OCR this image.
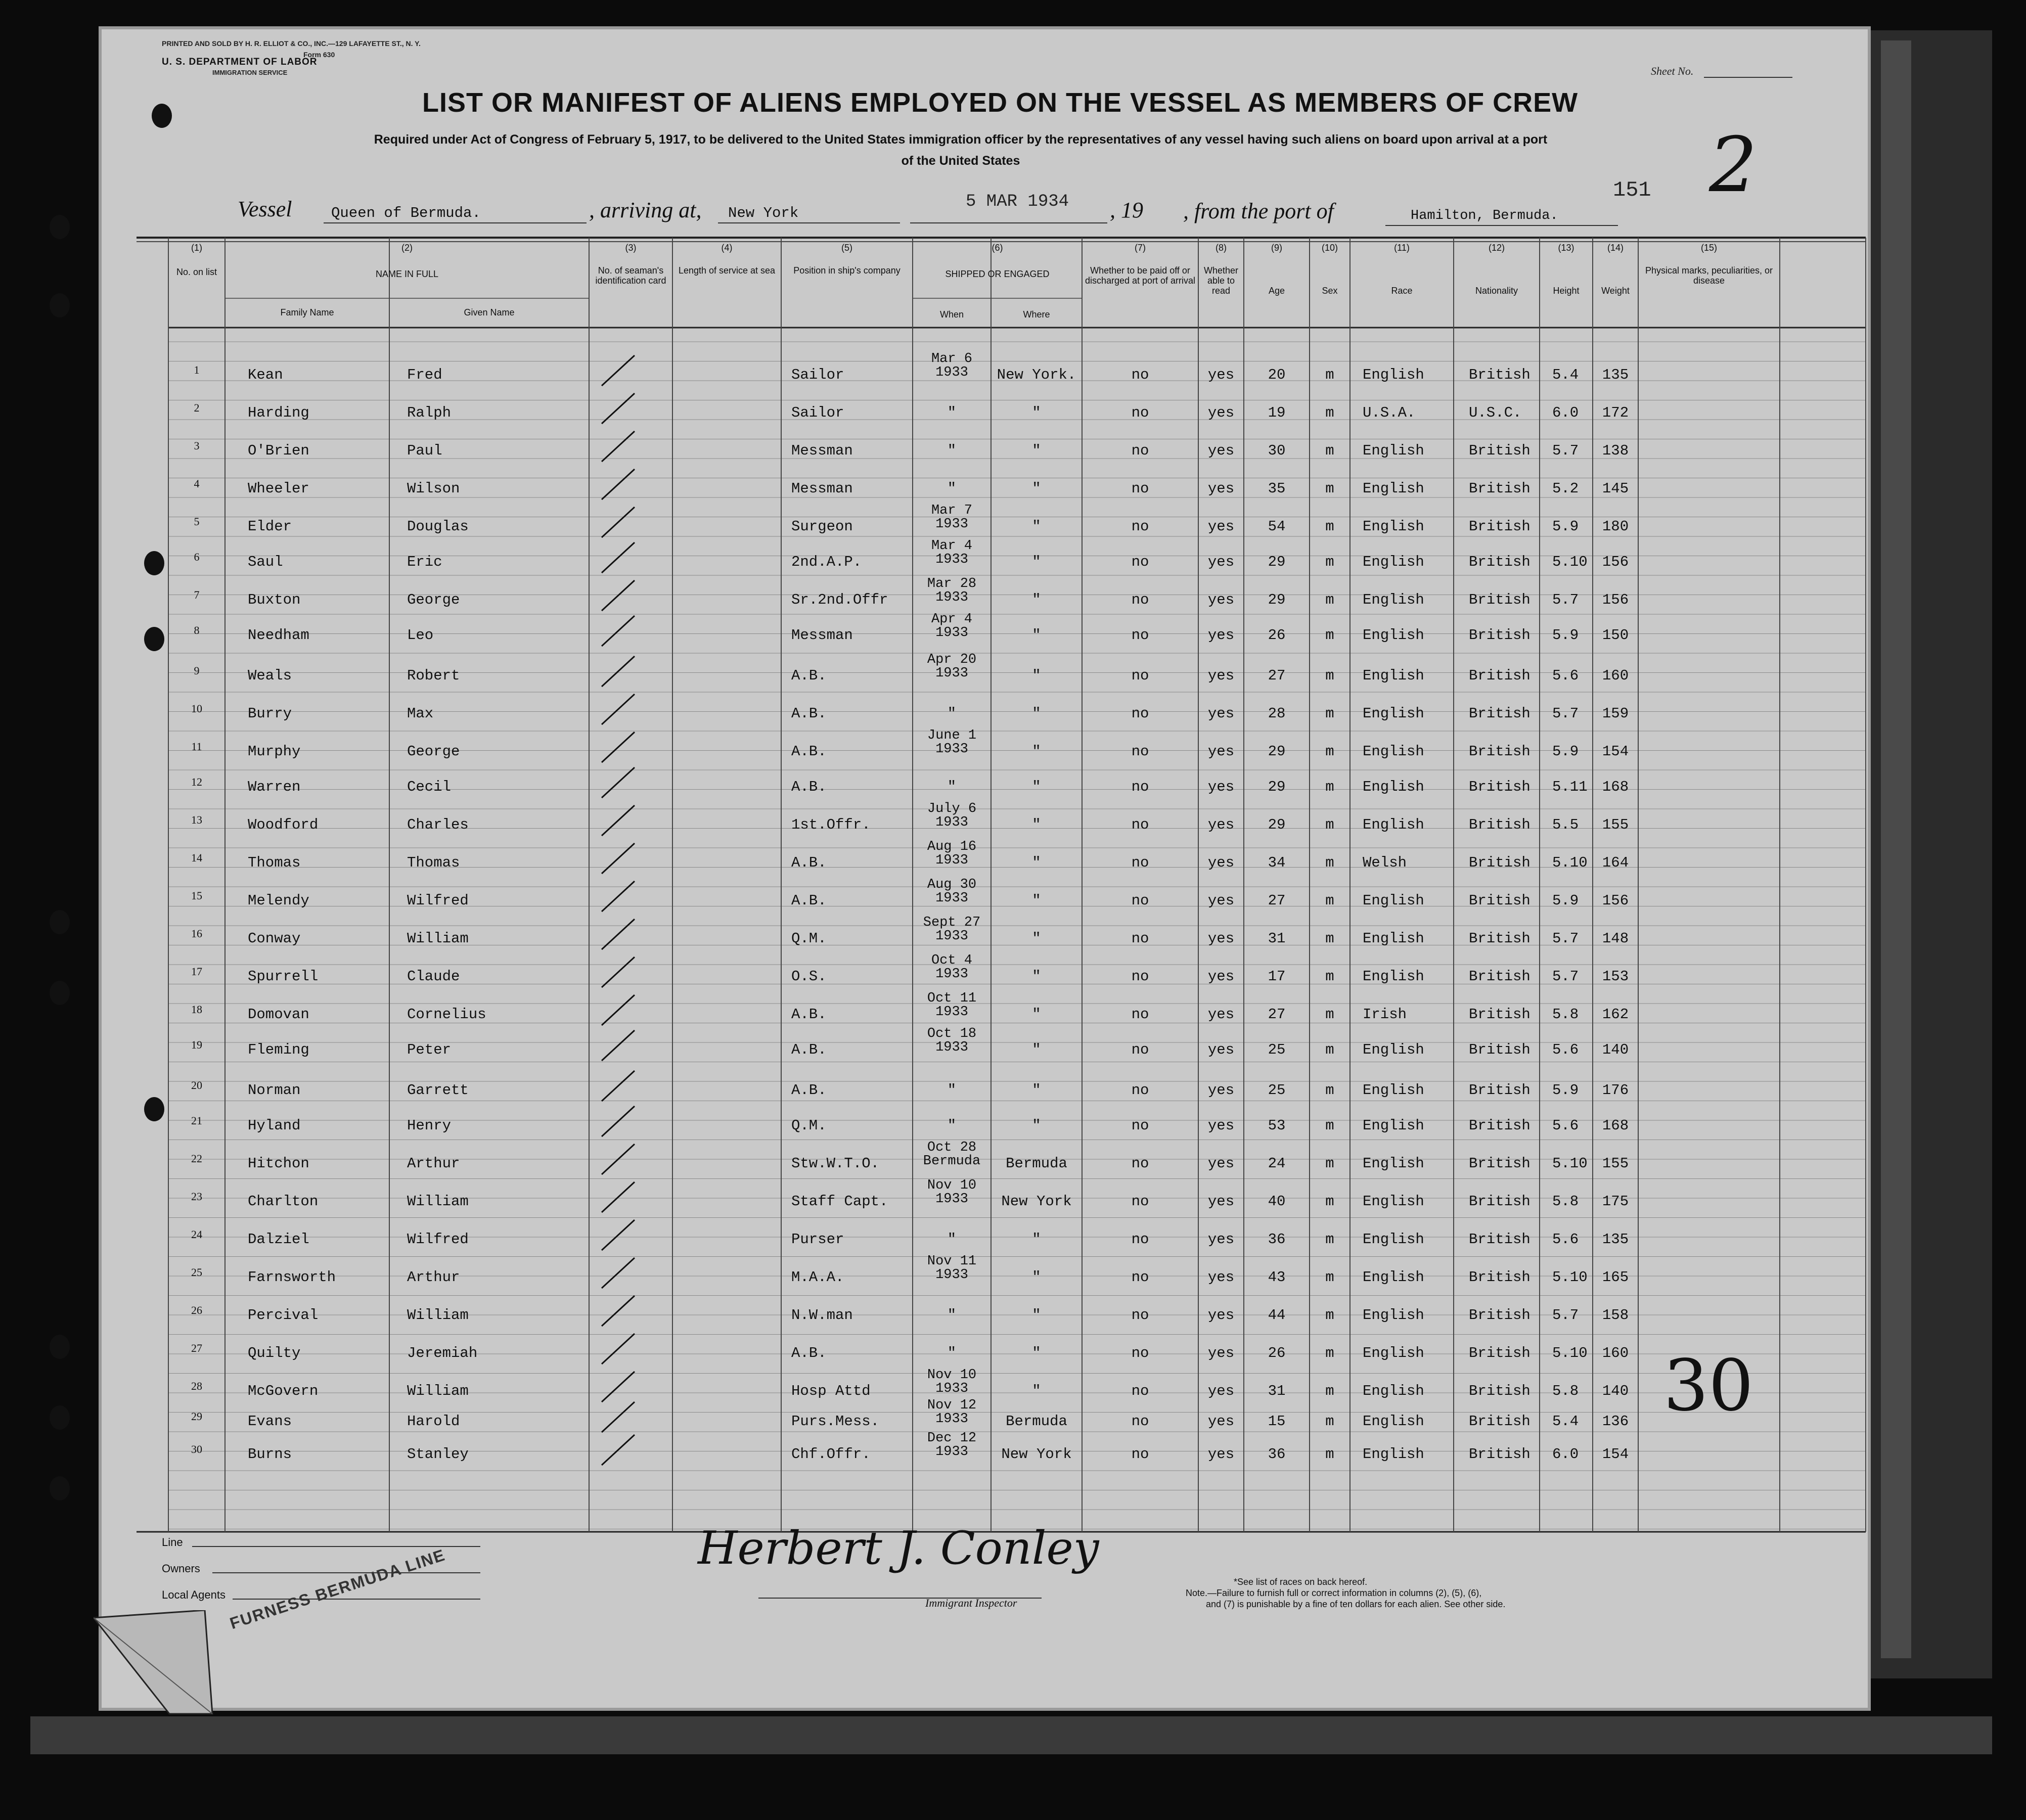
PRINTED AND SOLD BY H. R. ELLIOT & CO., INC.—129 LAFAYETTE ST., N. Y.
Form 630
U. S. DEPARTMENT OF LABOR
IMMIGRATION SERVICE	Sheet No.
LIST OR MANIFEST OF ALIENS EMPLOYED ON THE VESSEL AS MEMBERS OF CREW
Required under Act of Congress of February 5, 1917, to be delivered to the United States immigration officer by the representatives of any vessel having such aliens on board upon arrival at a port
of the United States
Vessel	Queen of Bermuda.	, arriving at, New York
5 MAR 1934 , 19 , from the port of	Hamilton, Bermuda.
151 2
(1)
No. on list
(2)
NAME IN FULL
(3)
No. of seaman's identification card
(4)
Length of service at sea
(5)
Position in ship's company
(6)
SHIPPED OR ENGAGED
(7)
Whether to be paid off or discharged at port of arrival
(8)
Whether able to read
(9)
Age
(10)
Sex
(11)
Race
(12)
Nationality
(13)
Height
(14)
Weight
(15)
Physical marks, peculiarities, or disease
Family Name	Given Name	When	Where
1	Kean	Fred	Sailor
Mar 6
1933	New York.	no	yes	20	m	English	British	5.4	135
2	Harding	Ralph	Sailor	"	"	no	yes	19	m	U.S.A.	U.S.C.	6.0	172
3	O'Brien	Paul	Messman	"	"	no	yes	30	m	English	British	5.7	138
4	Wheeler	Wilson	Messman	"	"	no	yes	35	m	English	British	5.2	145
5	Elder	Douglas	Surgeon
Mar 7
1933	"	no	yes	54	m	English	British	5.9	180
6	Saul	Eric	2nd.A.P.
Mar 4
1933	"	no	yes	29	m	English	British	5.10	156
7	Buxton	George	Sr.2nd.Offr
Mar 28
1933	"	no	yes	29	m	English	British	5.7	156
8	Needham	Leo	Messman
Apr 4
1933	"	no	yes	26	m	English	British	5.9	150
9	Weals	Robert	A.B.
Apr 20
1933	"	no	yes	27	m	English	British	5.6	160
10	Burry	Max	A.B.	"	"	no	yes	28	m	English	British	5.7	159
11	Murphy	George	A.B.
June 1
1933	"	no	yes	29	m	English	British	5.9	154
12	Warren	Cecil	A.B.	"	"	no	yes	29	m	English	British	5.11	168
13	Woodford	Charles	1st.Offr.
July 6
1933	"	no	yes	29	m	English	British	5.5	155
14	Thomas	Thomas	A.B.
Aug 16
1933	"	no	yes	34	m	Welsh	British	5.10	164
15	Melendy	Wilfred	A.B.
Aug 30
1933	"	no	yes	27	m	English	British	5.9	156
16	Conway	William	Q.M.
Sept 27
1933	"	no	yes	31	m	English	British	5.7	148
17	Spurrell	Claude	O.S.
Oct 4
1933	"	no	yes	17	m	English	British	5.7	153
18	Domovan	Cornelius	A.B.
Oct 11
1933	"	no	yes	27	m	Irish	British	5.8	162
19	Fleming	Peter	A.B.
Oct 18
1933	"	no	yes	25	m	English	British	5.6	140
20	Norman	Garrett	A.B.	"	"	no	yes	25	m	English	British	5.9	176
21	Hyland	Henry	Q.M.	"	"	no	yes	53	m	English	British	5.6	168
22	Hitchon	Arthur	Stw.W.T.O.
Oct 28
Bermuda	Bermuda	no	yes	24	m	English	British	5.10	155
23	Charlton	William	Staff Capt.
Nov 10
1933	New York	no	yes	40	m	English	British	5.8	175
24	Dalziel	Wilfred	Purser	"	"	no	yes	36	m	English	British	5.6	135
25	Farnsworth	Arthur	M.A.A.
Nov 11
1933	"	no	yes	43	m	English	British	5.10	165
26	Percival	William	N.W.man	"	"	no	yes	44	m	English	British	5.7	158
27	Quilty	Jeremiah	A.B.	"	"	no	yes	26	m	English	British	5.10	160
28	McGovern	William	Hosp Attd
Nov 10
1933	"	no	yes	31	m	English	British	5.8	140
29	Evans	Harold	Purs.Mess.
Nov 12
1933	Bermuda	no	yes	15	m	English	British	5.4	136
30	Burns	Stanley	Chf.Offr.
Dec 12
1933	New York	no	yes	36	m	English	British	6.0	154
Line
Owners
Local Agents FURNESS BERMUDA LINE	Herbert J. Conley
Immigrant Inspector
*See list of races on back hereof.
Note.—Failure to furnish full or correct information in columns (2), (5), (6),
and (7) is punishable by a fine of ten dollars for each alien. See other side.
30
